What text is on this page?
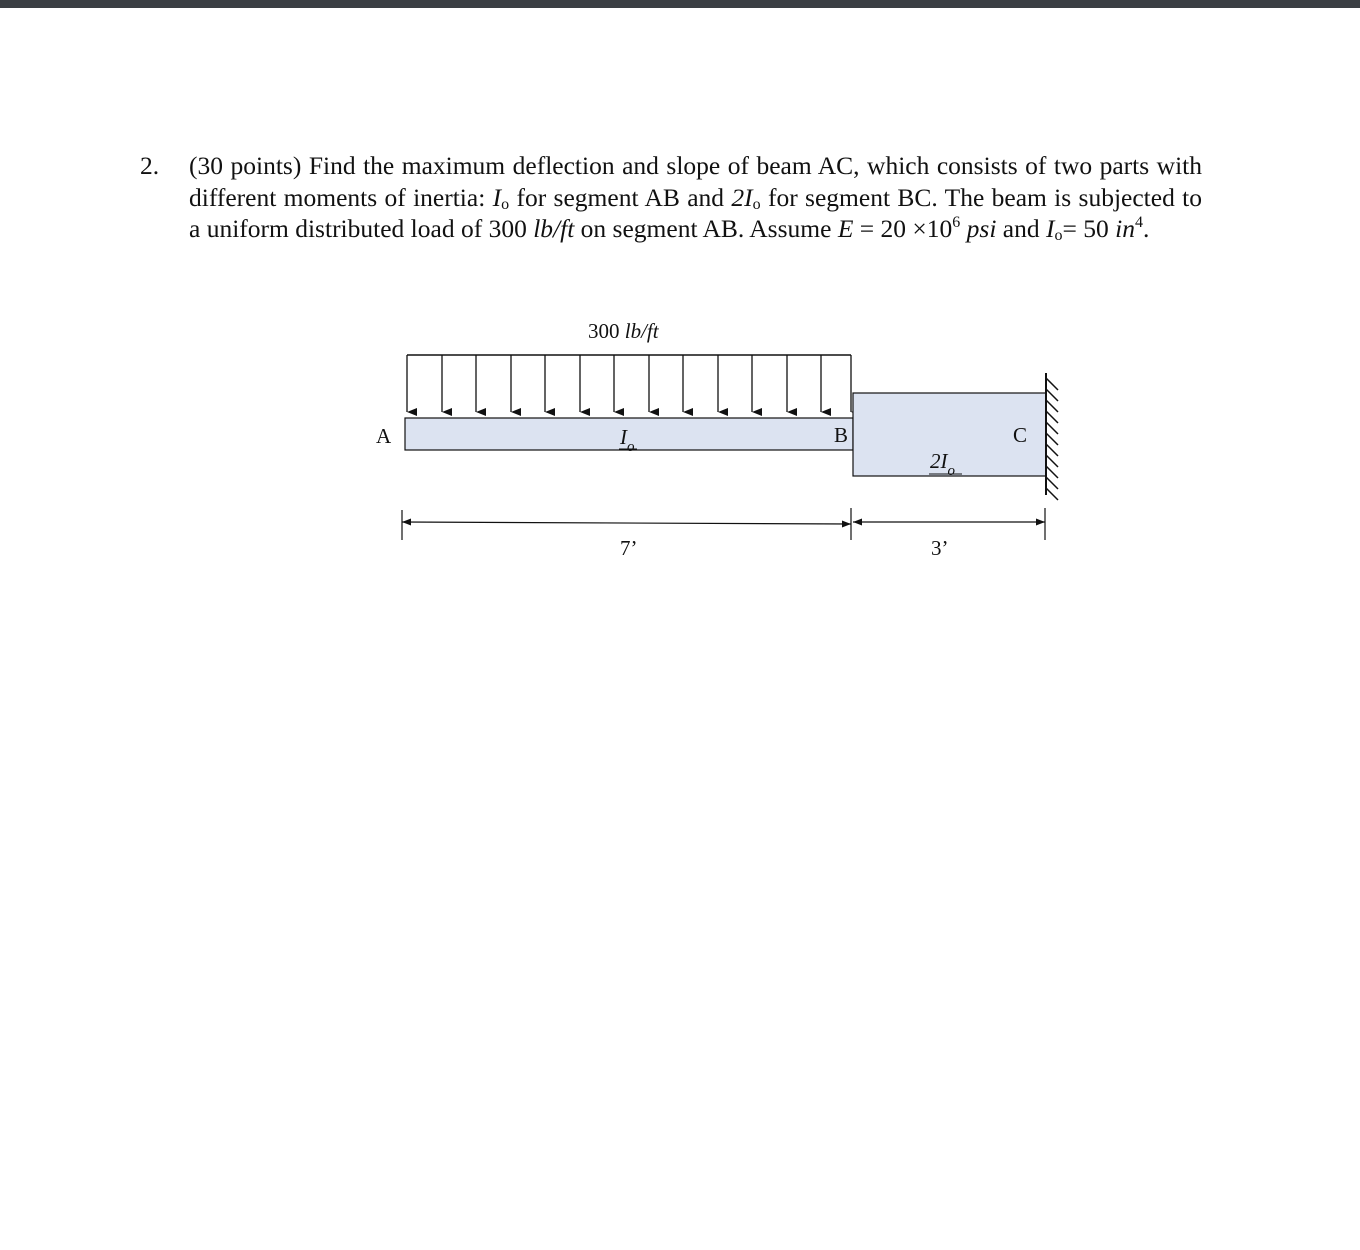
2. (30 points) Find the maximum deflection and slope of beam AC, which consists of two parts with different moments of inertia: $I_o$ for segment AB and $2I_o$ for segment BC. The beam is subjected to a uniform distributed load of 300 lb/ft on segment AB. Assume $E = 20 \times 10^6$ psi and $I_o= 50$ $in^4$.
300 lb/ft
A	B	C
$I_o$
$2I_o$
7’	3’
